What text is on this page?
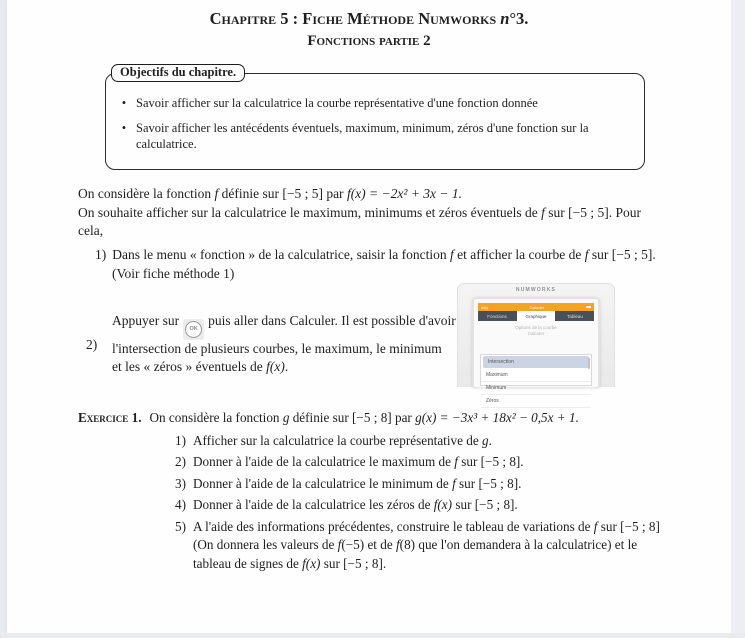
Chapitre 5 : Fiche Méthode Numworks n°3.
Fonctions partie 2
Objectifs du chapitre.
• Savoir afficher sur la calculatrice la courbe représentative d'une fonction donnée
• Savoir afficher les antécédents éventuels, maximum, minimum, zéros d'une fonction sur la calculatrice.
On considère la fonction f définie sur [−5 ; 5] par f(x) = −2x² + 3x − 1.
On souhaite afficher sur la calculatrice le maximum, minimums et zéros éventuels de f sur [−5 ; 5]. Pour
cela,
1) Dans le menu « fonction » de la calculatrice, saisir la fonction f et afficher la courbe de f sur [−5 ; 5].
(Voir fiche méthode 1)
2)
Appuyer sur
OK
puis aller dans Calculer. Il est possible d'avoir
l'intersection de plusieurs courbes, le maximum, le minimum
et les « zéros » éventuels de f(x).
NUMWORKS
deg	Calculer
Fonctions	Graphique	Tableau
Options de la courbe
Calculer
Intersection
Maximum
Minimum
Zéros
Exercice 1. On considère la fonction g définie sur [−5 ; 8] par g(x) = −3x³ + 18x² − 0,5x + 1.
1) Afficher sur la calculatrice la courbe représentative de g.
2) Donner à l'aide de la calculatrice le maximum de f sur [−5 ; 8].
3) Donner à l'aide de la calculatrice le minimum de f sur [−5 ; 8].
4) Donner à l'aide de la calculatrice les zéros de f(x) sur [−5 ; 8].
5) A l'aide des informations précédentes, construire le tableau de variations de f sur [−5 ; 8]
(On donnera les valeurs de f(−5) et de f(8) que l'on demandera à la calculatrice) et le
tableau de signes de f(x) sur [−5 ; 8].
